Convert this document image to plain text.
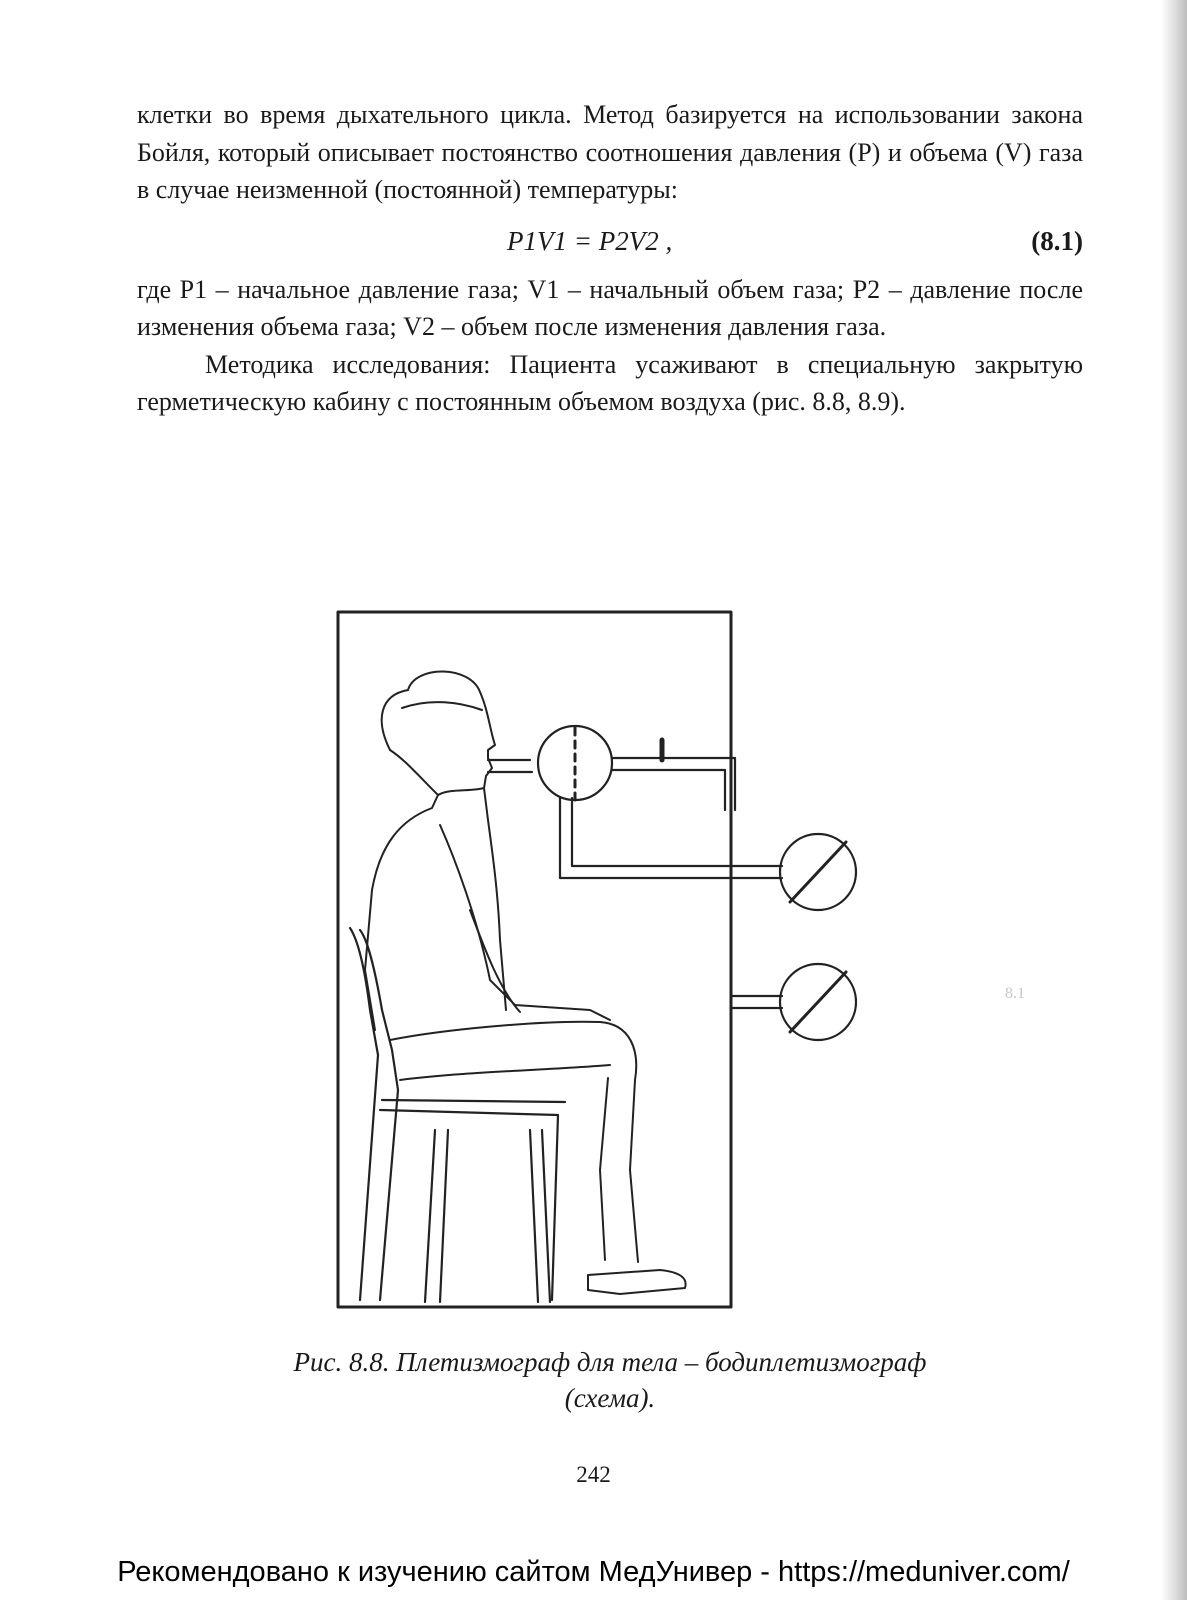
клетки во время дыхательного цикла. Метод базируется на использовании закона Бойля, который описывает постоянство соотношения давления (P) и объема (V) газа в случае неизменной (постоянной) температуры:

P1V1 = P2V2 ,	(8.1)

где P1 – начальное давление газа; V1 – начальный объем газа; P2 – давление после изменения объема газа; V2 – объем после изменения давления газа.

Методика исследования: Пациента усаживают в специальную закрытую герметическую кабину с постоянным объемом воздуха (рис. 8.8, 8.9).

8.1
Рис. 8.8. Плетизмограф для тела – бодиплетизмограф
(схема).
242
Рекомендовано к изучению сайтом МедУнивер - https://meduniver.com/
